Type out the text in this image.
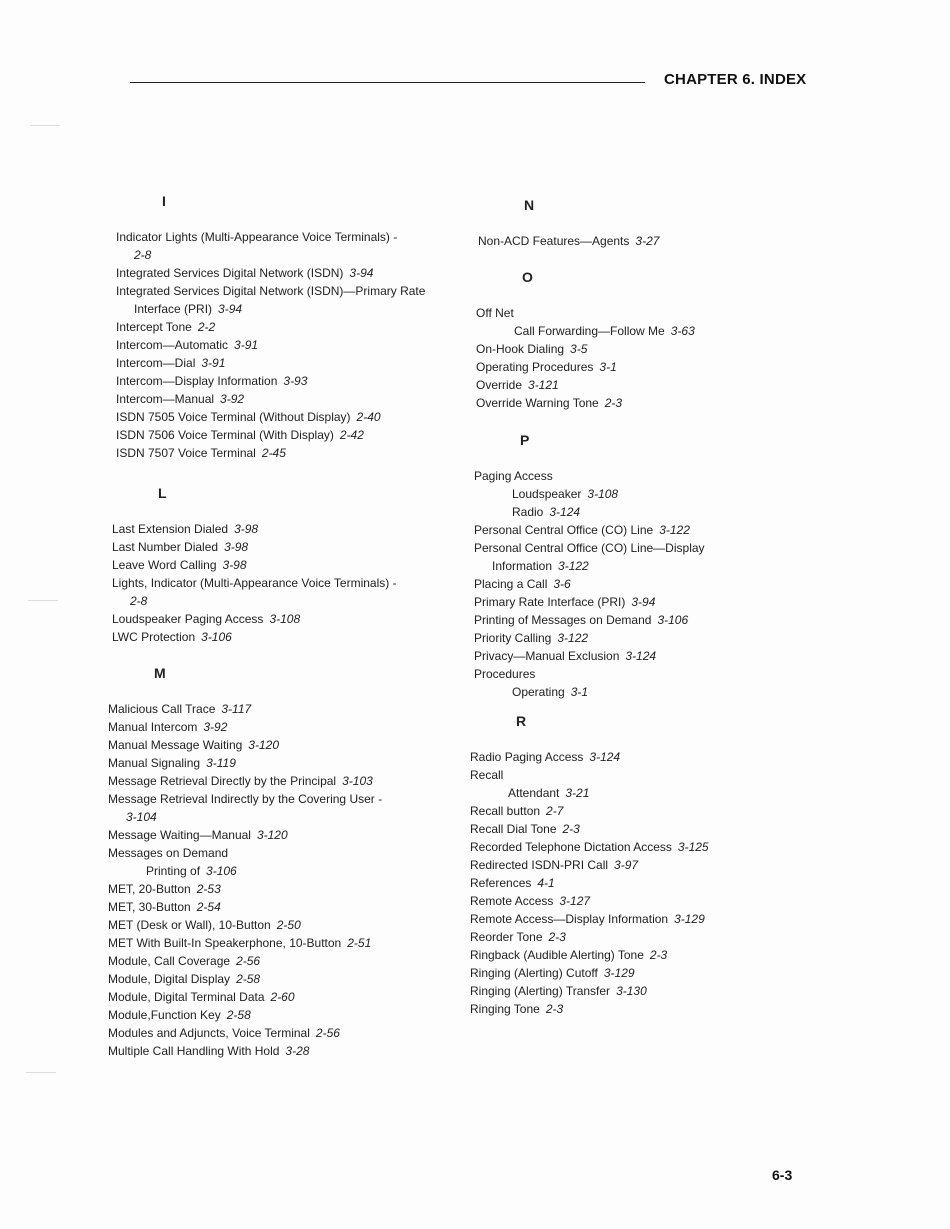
CHAPTER 6. INDEX
I
Indicator Lights (Multi-Appearance Voice Terminals) -
2-8
Integrated Services Digital Network (ISDN) 3-94
Integrated Services Digital Network (ISDN)—Primary Rate Interface (PRI) 3-94
Intercept Tone 2-2
Intercom—Automatic 3-91
Intercom—Dial 3-91
Intercom—Display Information 3-93
Intercom—Manual 3-92
ISDN 7505 Voice Terminal (Without Display) 2-40
ISDN 7506 Voice Terminal (With Display) 2-42
ISDN 7507 Voice Terminal 2-45
L
Last Extension Dialed 3-98
Last Number Dialed 3-98
Leave Word Calling 3-98
Lights, Indicator (Multi-Appearance Voice Terminals) -
2-8
Loudspeaker Paging Access 3-108
LWC Protection 3-106
M
Malicious Call Trace 3-117
Manual Intercom 3-92
Manual Message Waiting 3-120
Manual Signaling 3-119
Message Retrieval Directly by the Principal 3-103
Message Retrieval Indirectly by the Covering User -
3-104
Message Waiting—Manual 3-120
Messages on Demand
Printing of 3-106
MET, 20-Button 2-53
MET, 30-Button 2-54
MET (Desk or Wall), 10-Button 2-50
MET With Built-In Speakerphone, 10-Button 2-51
Module, Call Coverage 2-56
Module, Digital Display 2-58
Module, Digital Terminal Data 2-60
Module,Function Key 2-58
Modules and Adjuncts, Voice Terminal 2-56
Multiple Call Handling With Hold 3-28
N
Non-ACD Features—Agents 3-27
O
Off Net
Call Forwarding—Follow Me 3-63
On-Hook Dialing 3-5
Operating Procedures 3-1
Override 3-121
Override Warning Tone 2-3
P
Paging Access
Loudspeaker 3-108
Radio 3-124
Personal Central Office (CO) Line 3-122
Personal Central Office (CO) Line—Display Information 3-122
Placing a Call 3-6
Primary Rate Interface (PRI) 3-94
Printing of Messages on Demand 3-106
Priority Calling 3-122
Privacy—Manual Exclusion 3-124
Procedures
Operating 3-1
R
Radio Paging Access 3-124
Recall
Attendant 3-21
Recall button 2-7
Recall Dial Tone 2-3
Recorded Telephone Dictation Access 3-125
Redirected ISDN-PRI Call 3-97
References 4-1
Remote Access 3-127
Remote Access—Display Information 3-129
Reorder Tone 2-3
Ringback (Audible Alerting) Tone 2-3
Ringing (Alerting) Cutoff 3-129
Ringing (Alerting) Transfer 3-130
Ringing Tone 2-3
6-3
